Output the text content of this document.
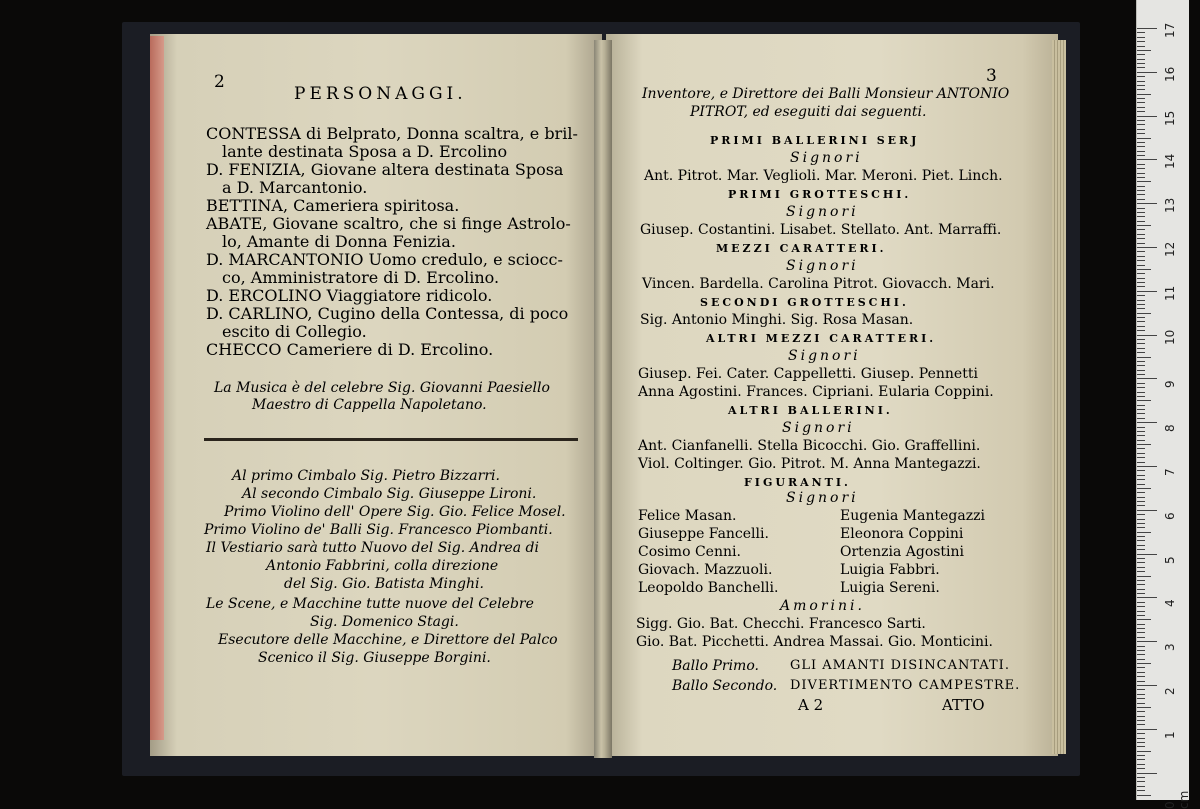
2
PERSONAGGI.
CONTESSA di Belprato, Donna scaltra, e bril-
lante destinata Sposa a D. Ercolino
D. FENIZIA, Giovane altera destinata Sposa
a D. Marcantonio.
BETTINA, Cameriera spiritosa.
ABATE, Giovane scaltro, che si finge Astrolo-
lo, Amante di Donna Fenizia.
D. MARCANTONIO Uomo credulo, e sciocc-
co, Amministratore di D. Ercolino.
D. ERCOLINO Viaggiatore ridicolo.
D. CARLINO, Cugino della Contessa, di poco
escito di Collegio.
CHECCO Cameriere di D. Ercolino.
La Musica è del celebre Sig. Giovanni Paesiello
Maestro di Cappella Napoletano.
Al primo Cimbalo Sig. Pietro Bizzarri.
Al secondo Cimbalo Sig. Giuseppe Lironi.
Primo Violino dell' Opere Sig. Gio. Felice Mosel.
Primo Violino de' Balli Sig. Francesco Piombanti.
Il Vestiario sarà tutto Nuovo del Sig. Andrea di
Antonio Fabbrini, colla direzione
del Sig. Gio. Batista Minghi.
Le Scene, e Macchine tutte nuove del Celebre
Sig. Domenico Stagi.
Esecutore delle Macchine, e Direttore del Palco
Scenico il Sig. Giuseppe Borgini.
3
Inventore, e Direttore dei Balli Monsieur ANTONIO
PITROT, ed eseguiti dai seguenti.
PRIMI BALLERINI SERJ
Signori
Ant. Pitrot. Mar. Veglioli. Mar. Meroni. Piet. Linch.
PRIMI GROTTESCHI.
Signori
Giusep. Costantini. Lisabet. Stellato. Ant. Marraffi.
MEZZI CARATTERI.
Signori
Vincen. Bardella. Carolina Pitrot. Giovacch. Mari.
SECONDI GROTTESCHI.
Sig. Antonio Minghi. Sig. Rosa Masan.
ALTRI MEZZI CARATTERI.
Signori
Giusep. Fei. Cater. Cappelletti. Giusep. Pennetti
Anna Agostini. Frances. Cipriani. Eularia Coppini.
ALTRI BALLERINI.
Signori
Ant. Cianfanelli. Stella Bicocchi. Gio. Graffellini.
Viol. Coltinger. Gio. Pitrot. M. Anna Mantegazzi.
FIGURANTI.
Signori
Felice Masan.	Eugenia Mantegazzi
Giuseppe Fancelli.	Eleonora Coppini
Cosimo Cenni.	Ortenzia Agostini
Giovach. Mazzuoli.	Luigia Fabbri.
Leopoldo Banchelli.	Luigia Sereni.
Amorini.
Sigg. Gio. Bat. Checchi. Francesco Sarti.
Gio. Bat. Picchetti. Andrea Massai. Gio. Monticini.
Ballo Primo. GLI AMANTI DISINCANTATI.
Ballo Secondo. DIVERTIMENTO CAMPESTRE.
A 2	ATTO
17
16
15
14
13
12
11
10
9
8
7
6
5
4
3
2
1
0 cm
